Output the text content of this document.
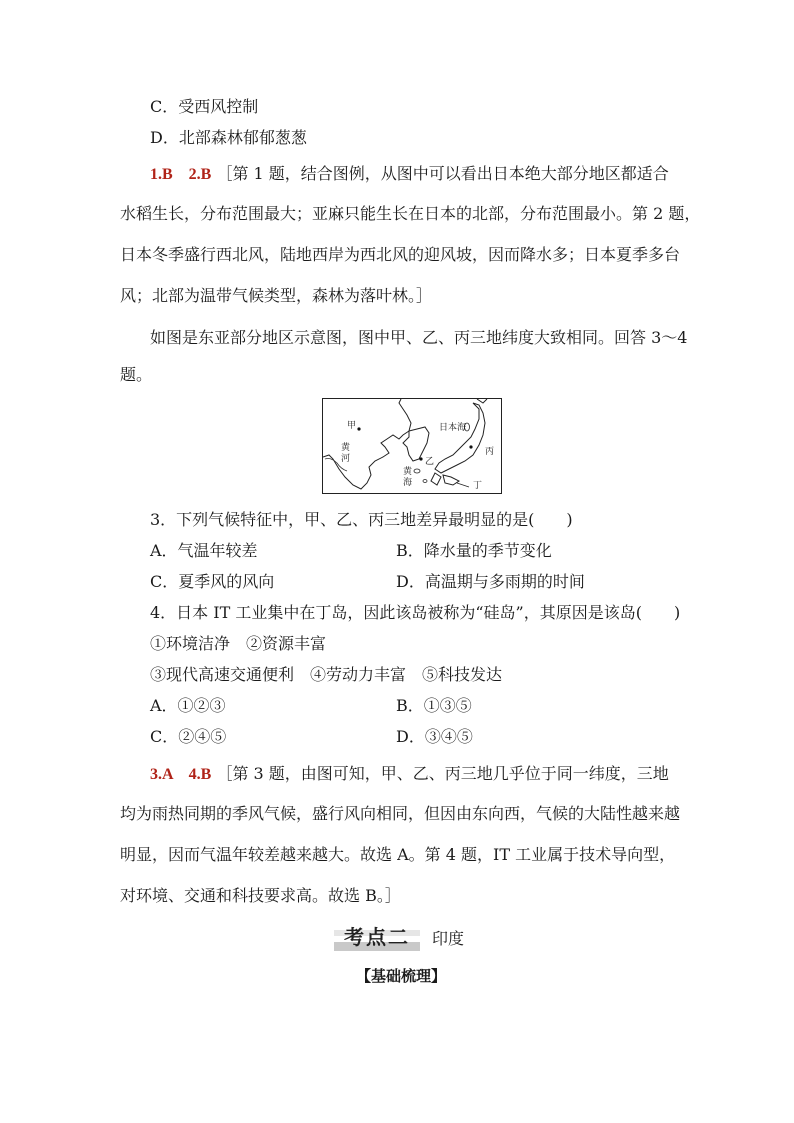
C．受西风控制
D．北部森林郁郁葱葱
1.B　2.B ［第 1 题，结合图例，从图中可以看出日本绝大部分地区都适合
水稻生长，分布范围最大；亚麻只能生长在日本的北部，分布范围最小。第 2 题，
日本冬季盛行西北风，陆地西岸为西北风的迎风坡，因而降水多；日本夏季多台
风；北部为温带气候类型，森林为落叶林。］
如图是东亚部分地区示意图，图中甲、乙、丙三地纬度大致相同。回答 3～4
题。
甲
黄
河	乙
黄
海
日本海
丙
丁
3．下列气候特征中，甲、乙、丙三地差异最明显的是(　　)
A．气温年较差	B．降水量的季节变化
C．夏季风的风向	D．高温期与多雨期的时间
4．日本 IT 工业集中在丁岛，因此该岛被称为“硅岛”，其原因是该岛(　　)
①环境洁净　②资源丰富
③现代高速交通便利　④劳动力丰富　⑤科技发达
A．①②③	B．①③⑤
C．②④⑤	D．③④⑤
3.A　4.B ［第 3 题，由图可知，甲、乙、丙三地几乎位于同一纬度，三地
均为雨热同期的季风气候，盛行风向相同，但因由东向西，气候的大陆性越来越
明显，因而气温年较差越来越大。故选 A。第 4 题，IT 工业属于技术导向型，
对环境、交通和科技要求高。故选 B。］
考点二	印度
【基础梳理】
